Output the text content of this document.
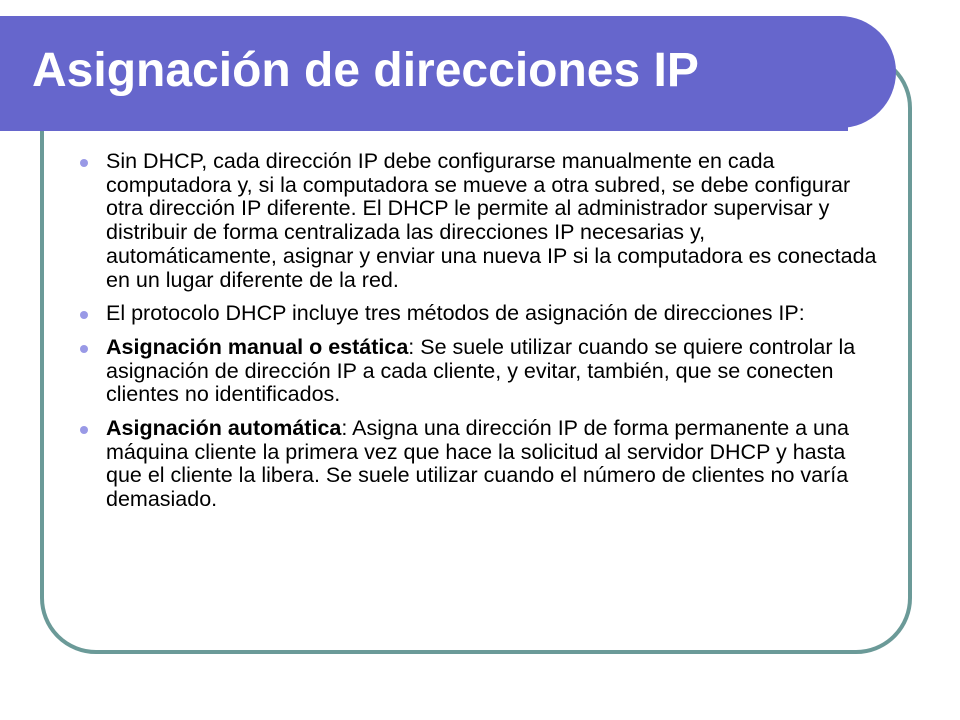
Asignación de direcciones IP
Sin DHCP, cada dirección IP debe configurarse manualmente en cada computadora y, si la computadora se mueve a otra subred, se debe configurar otra dirección IP diferente. El DHCP le permite al administrador supervisar y distribuir de forma centralizada las direcciones IP necesarias y, automáticamente, asignar y enviar una nueva IP si la computadora es conectada en un lugar diferente de la red.
El protocolo DHCP incluye tres métodos de asignación de direcciones IP:
Asignación manual o estática: Se suele utilizar cuando se quiere controlar la asignación de dirección IP a cada cliente, y evitar, también, que se conecten clientes no identificados.
Asignación automática: Asigna una dirección IP de forma permanente a una máquina cliente la primera vez que hace la solicitud al servidor DHCP y hasta que el cliente la libera. Se suele utilizar cuando el número de clientes no varía demasiado.
